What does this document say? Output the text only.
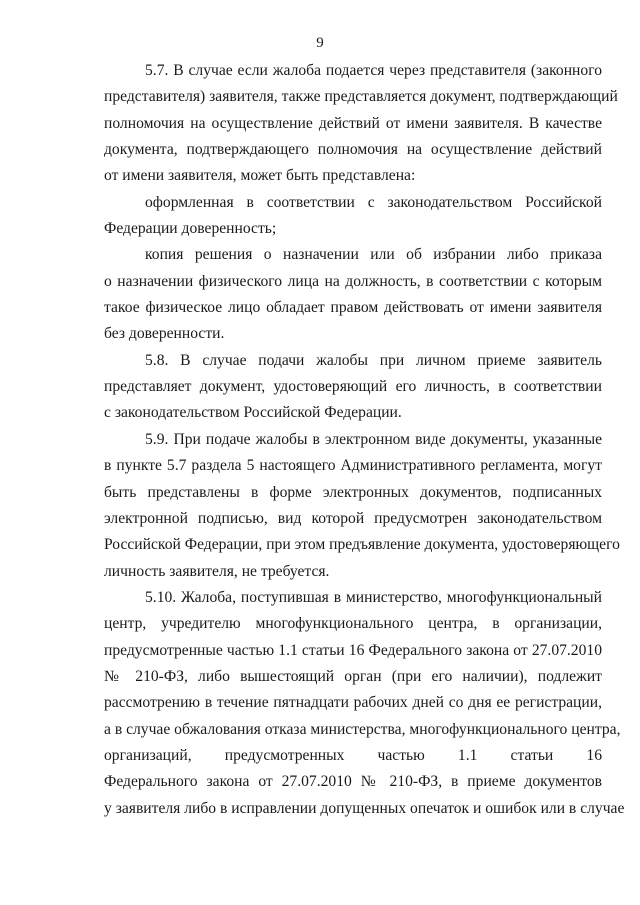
9
5.7. В случае если жалоба подается через представителя (законного
представителя) заявителя, также представляется документ, подтверждающий
полномочия на осуществление действий от имени заявителя. В качестве
документа, подтверждающего полномочия на осуществление действий
от имени заявителя, может быть представлена:
оформленная в соответствии с законодательством Российской
Федерации доверенность;
копия решения о назначении или об избрании либо приказа
о назначении физического лица на должность, в соответствии с которым
такое физическое лицо обладает правом действовать от имени заявителя
без доверенности.
5.8. В случае подачи жалобы при личном приеме заявитель
представляет документ, удостоверяющий его личность, в соответствии
с законодательством Российской Федерации.
5.9. При подаче жалобы в электронном виде документы, указанные
в пункте 5.7 раздела 5 настоящего Административного регламента, могут
быть представлены в форме электронных документов, подписанных
электронной подписью, вид которой предусмотрен законодательством
Российской Федерации, при этом предъявление документа, удостоверяющего
личность заявителя, не требуется.
5.10. Жалоба, поступившая в министерство, многофункциональный
центр, учредителю многофункционального центра, в организации,
предусмотренные частью 1.1 статьи 16 Федерального закона от 27.07.2010
№ 210-ФЗ, либо вышестоящий орган (при его наличии), подлежит
рассмотрению в течение пятнадцати рабочих дней со дня ее регистрации,
а в случае обжалования отказа министерства, многофункционального центра,
организаций, предусмотренных частью 1.1 статьи 16
Федерального закона от 27.07.2010 № 210-ФЗ, в приеме документов
у заявителя либо в исправлении допущенных опечаток и ошибок или в случае
